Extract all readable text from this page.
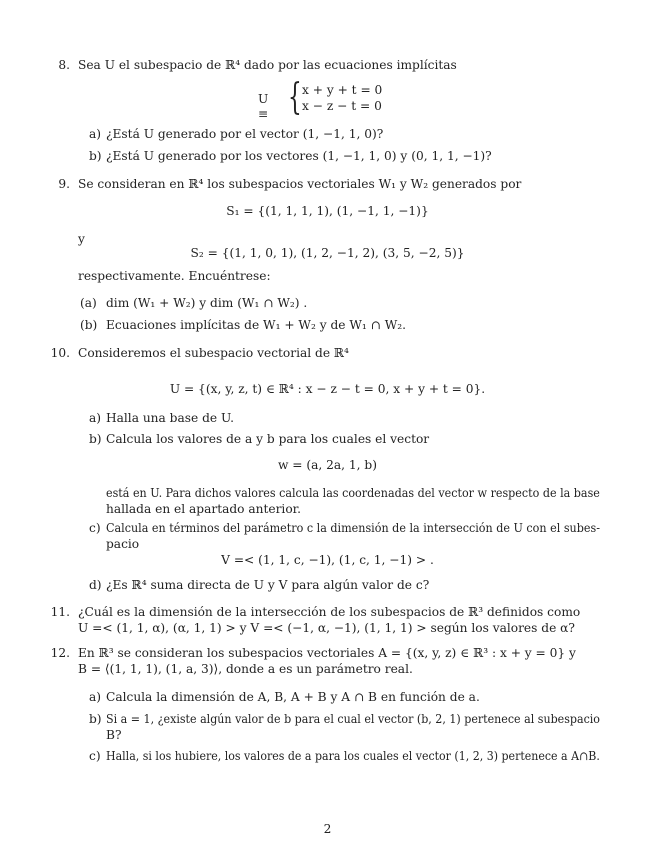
8. Sea U el subespacio de ℝ⁴ dado por las ecuaciones implícitas
U ≡ { x + y + t = 0
x − z − t = 0
a) ¿Está U generado por el vector (1, −1, 1, 0)?
b) ¿Está U generado por los vectores (1, −1, 1, 0) y (0, 1, 1, −1)?
9. Se consideran en ℝ⁴ los subespacios vectoriales W₁ y W₂ generados por
S₁ = {(1, 1, 1, 1), (1, −1, 1, −1)}
y
S₂ = {(1, 1, 0, 1), (1, 2, −1, 2), (3, 5, −2, 5)}
respectivamente. Encuéntrese:
(a) dim (W₁ + W₂) y dim (W₁ ∩ W₂) .
(b) Ecuaciones implícitas de W₁ + W₂ y de W₁ ∩ W₂.
10. Consideremos el subespacio vectorial de ℝ⁴
U = {(x, y, z, t) ∈ ℝ⁴ : x − z − t = 0, x + y + t = 0}.
a) Halla una base de U.
b) Calcula los valores de a y b para los cuales el vector
w = (a, 2a, 1, b)
está en U. Para dichos valores calcula las coordenadas del vector w respecto de la base
hallada en el apartado anterior.
c) Calcula en términos del parámetro c la dimensión de la intersección de U con el subes-
pacio
V =< (1, 1, c, −1), (1, c, 1, −1) > .
d) ¿Es ℝ⁴ suma directa de U y V para algún valor de c?
11. ¿Cuál es la dimensión de la intersección de los subespacios de ℝ³ definidos como
U =< (1, 1, α), (α, 1, 1) > y V =< (−1, α, −1), (1, 1, 1) > según los valores de α?
12. En ℝ³ se consideran los subespacios vectoriales A = {(x, y, z) ∈ ℝ³ : x + y = 0} y
B = ⟨(1, 1, 1), (1, a, 3)⟩, donde a es un parámetro real.
a) Calcula la dimensión de A, B, A + B y A ∩ B en función de a.
b) Si a = 1, ¿existe algún valor de b para el cual el vector (b, 2, 1) pertenece al subespacio
B?
c) Halla, si los hubiere, los valores de a para los cuales el vector (1, 2, 3) pertenece a A∩B.
2
